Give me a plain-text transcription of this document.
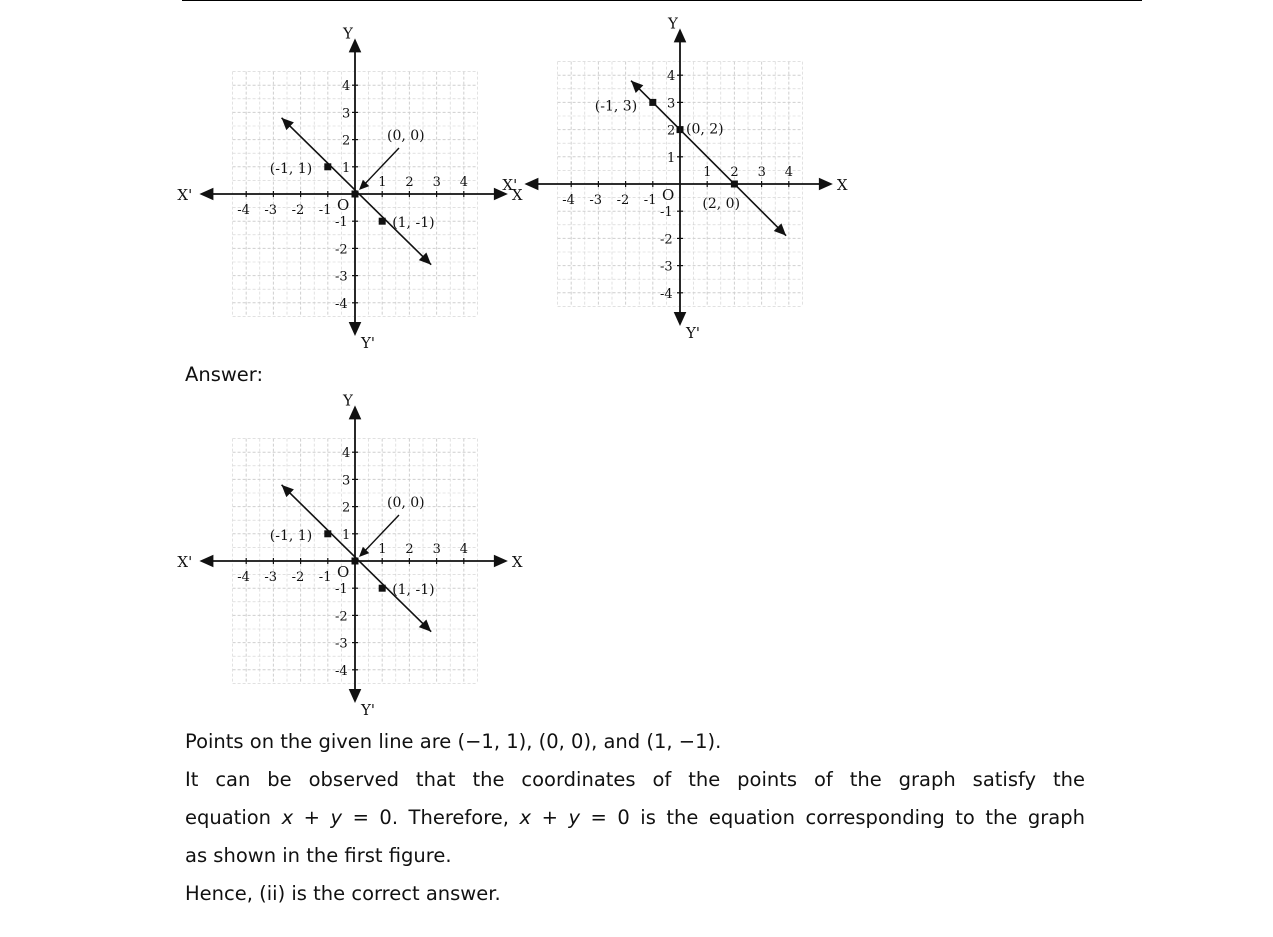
X
X'
Y
Y'
O
-4 -3 -2 -1
1 2 3 4
-4
-3
-2
-1
1
2
3
4
(-1, 1)
(0, 0)
(1, -1)
X
X'
Y
Y'
O
-4 -3 -2 -1
1 2 3 4
-4
-3
-2
-1
1
2
3
4
(-1, 3)
(0, 2)
(2, 0)
X
X'
Y
Y'
O
-4 -3 -2 -1
1 2 3 4
-4
-3
-2
-1
1
2
3
4
(-1, 1)
(0, 0)
(1, -1)
Answer:
Points on the given line are (−1, 1), (0, 0), and (1, −1).
It can be observed that the coordinates of the points of the graph satisfy the
equation x + y = 0. Therefore, x + y = 0 is the equation corresponding to the graph
as shown in the first figure.
Hence, (ii) is the correct answer.
